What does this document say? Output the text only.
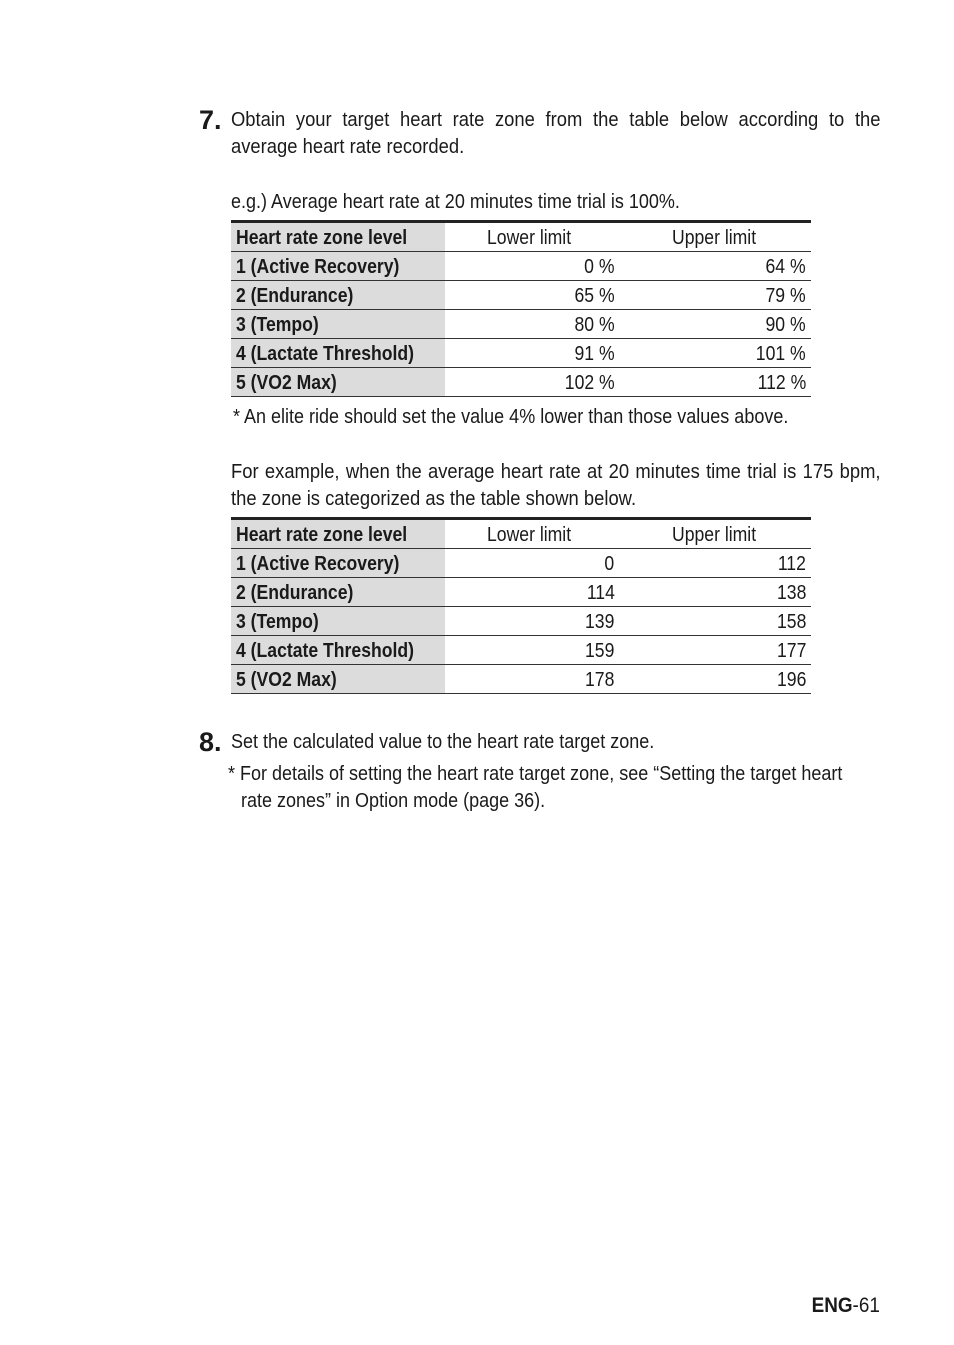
7. Obtain your target heart rate zone from the table below according to the average heart rate recorded.
e.g.) Average heart rate at 20 minutes time trial is 100%.
Heart rate zone level	Lower limit	Upper limit
1 (Active Recovery)	0 %	64 %
2 (Endurance)	65 %	79 %
3 (Tempo)	80 %	90 %
4 (Lactate Threshold)	91 %	101 %
5 (VO2 Max)	102 %	112 %
* An elite ride should set the value 4% lower than those values above.
For example, when the average heart rate at 20 minutes time trial is 175 bpm, the zone is categorized as the table shown below.
Heart rate zone level	Lower limit	Upper limit
1 (Active Recovery)	0	112
2 (Endurance)	114	138
3 (Tempo)	139	158
4 (Lactate Threshold)	159	177
5 (VO2 Max)	178	196
8. Set the calculated value to the heart rate target zone.
* For details of setting the heart rate target zone, see “Setting the target heart
rate zones” in Option mode (page 36).
ENG-61
